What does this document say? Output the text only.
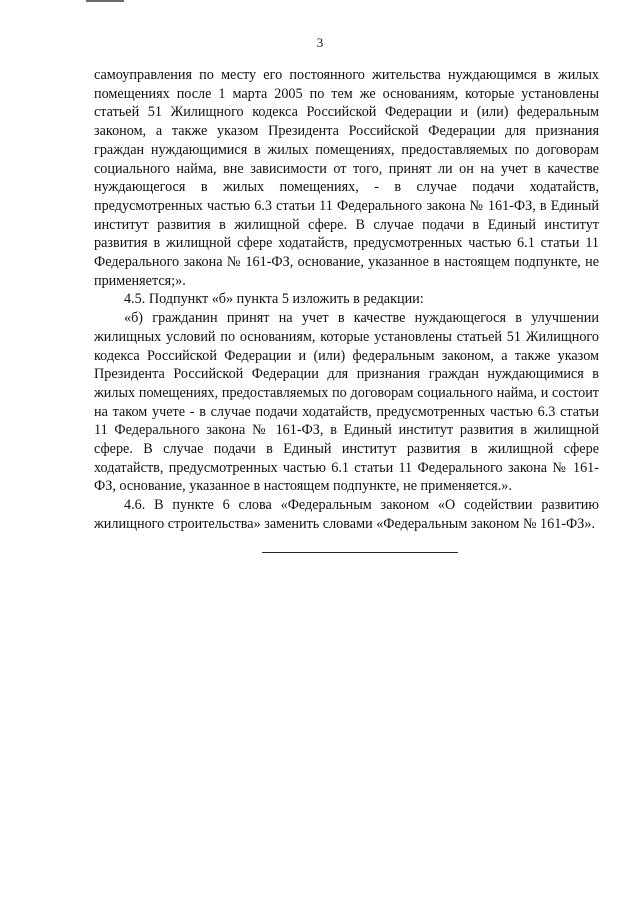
3

самоуправления по месту его постоянного жительства нуждающимся в жилых помещениях после 1 марта 2005 по тем же основаниям, которые установлены статьей 51 Жилищного кодекса Российской Федерации и (или) федеральным законом, а также указом Президента Российской Федерации для признания граждан нуждающимися в жилых помещениях, предоставляемых по договорам социального найма, вне зависимости от того, принят ли он на учет в качестве нуждающегося в жилых помещениях, - в случае подачи ходатайств, предусмотренных частью 6.3 статьи 11 Федерального закона № 161-ФЗ, в Единый институт развития в жилищной сфере. В случае подачи в Единый институт развития в жилищной сфере ходатайств, предусмотренных частью 6.1 статьи 11 Федерального закона № 161-ФЗ, основание, указанное в настоящем подпункте, не применяется;».

4.5. Подпункт «б» пункта 5 изложить в редакции:

«б) гражданин принят на учет в качестве нуждающегося в улучшении жилищных условий по основаниям, которые установлены статьей 51 Жилищного кодекса Российской Федерации и (или) федеральным законом, а также указом Президента Российской Федерации для признания граждан нуждающимися в жилых помещениях, предоставляемых по договорам социального найма, и состоит на таком учете - в случае подачи ходатайств, предусмотренных частью 6.3 статьи 11 Федерального закона № 161-ФЗ, в Единый институт развития в жилищной сфере. В случае подачи в Единый институт развития в жилищной сфере ходатайств, предусмотренных частью 6.1 статьи 11 Федерального закона № 161-ФЗ, основание, указанное в настоящем подпункте, не применяется.».

4.6. В пункте 6 слова «Федеральным законом «О содействии развитию жилищного строительства» заменить словами «Федеральным законом № 161-ФЗ».
